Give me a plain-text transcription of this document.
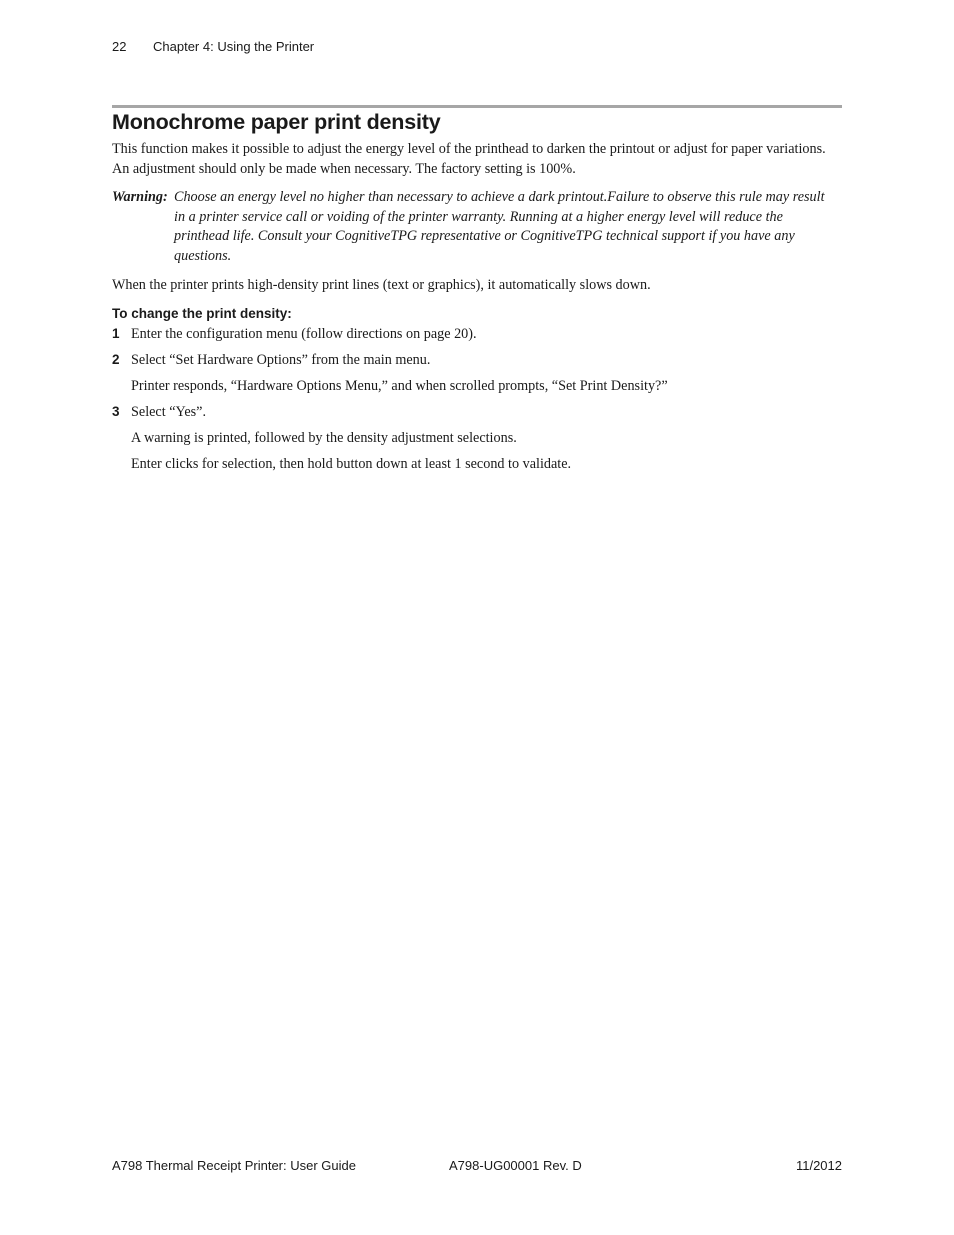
22	Chapter 4: Using the Printer
Monochrome paper print density

This function makes it possible to adjust the energy level of the printhead to darken the printout or adjust for paper variations. An adjustment should only be made when necessary. The factory setting is 100%.

Warning: Choose an energy level no higher than necessary to achieve a dark printout.Failure to observe this rule may result in a printer service call or voiding of the printer warranty. Running at a higher energy level will reduce the printhead life. Consult your CognitiveTPG representative or CognitiveTPG technical support if you have any questions.

When the printer prints high-density print lines (text or graphics), it automatically slows down.

To change the print density:

1 Enter the configuration menu (follow directions on page 20).
2 Select “Set Hardware Options” from the main menu.

Printer responds, “Hardware Options Menu,” and when scrolled prompts, “Set Print Density?”

3 Select “Yes”.

A warning is printed, followed by the density adjustment selections.

Enter clicks for selection, then hold button down at least 1 second to validate.

A798 Thermal Receipt Printer: User Guide	A798-UG00001 Rev. D	11/2012
